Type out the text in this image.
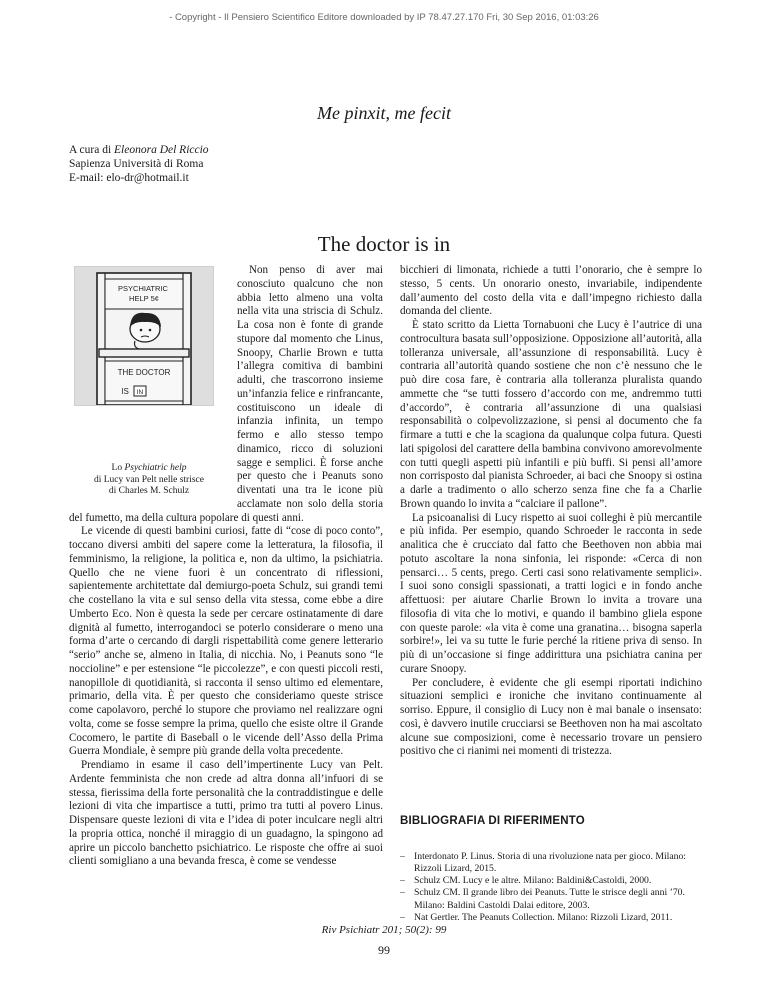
- Copyright - Il Pensiero Scientifico Editore downloaded by IP 78.47.27.170 Fri, 30 Sep 2016, 01:03:26
Me pinxit, me fecit
A cura di Eleonora Del Riccio
Sapienza Università di Roma
E-mail: elo-dr@hotmail.it
The doctor is in
PSYCHIATRIC HELP 5¢
THE DOCTOR
IS IN
Lo Psychiatric help
di Lucy van Pelt nelle strisce
di Charles M. Schulz

Non penso di aver mai conosciuto qualcuno che non abbia letto almeno una volta nella vita una striscia di Schulz. La cosa non è fonte di grande stupore dal momento che Linus, Snoopy, Charlie Brown e tutta l’allegra comitiva di bambini adulti, che trascorrono insieme un’infanzia felice e rinfrancante, costituiscono un ideale di infanzia infinita, un tempo fermo e allo stesso tempo dinamico, ricco di soluzioni sagge e semplici. È forse anche per questo che i Peanuts sono diventati una tra le icone più acclamate non solo della storia del fumetto, ma della cultura popolare di questi anni.

Le vicende di questi bambini curiosi, fatte di “cose di poco conto”, toccano diversi ambiti del sapere come la letteratura, la filosofia, il femminismo, la religione, la politica e, non da ultimo, la psichiatria. Quello che ne viene fuori è un concentrato di riflessioni, sapientemente architettate dal demiurgo-poeta Schulz, sui grandi temi che costellano la vita e sul senso della vita stessa, come ebbe a dire Umberto Eco. Non è questa la sede per cercare ostinatamente di dare dignità al fumetto, interrogandoci se poterlo considerare o meno una forma d’arte o cercando di dargli rispettabilità come genere letterario “serio” anche se, almeno in Italia, di nicchia. No, i Peanuts sono “le noccioline” e per estensione “le piccolezze”, e con questi piccoli resti, nanopillole di quotidianità, si racconta il senso ultimo ed elementare, primario, della vita. È per questo che consideriamo queste strisce come capolavoro, perché lo stupore che proviamo nel realizzare ogni volta, come se fosse sempre la prima, quello che esiste oltre il Grande Cocomero, le partite di Baseball o le vicende dell’Asso della Prima Guerra Mondiale, è sempre più grande della volta precedente.

Prendiamo in esame il caso dell’impertinente Lucy van Pelt. Ardente femminista che non crede ad altra donna all’infuori di se stessa, fierissima della forte personalità che la contraddistingue e delle lezioni di vita che impartisce a tutti, primo tra tutti al povero Linus. Dispensare queste lezioni di vita e l’idea di poter inculcare negli altri la propria ottica, nonché il miraggio di un guadagno, la spingono ad aprire un piccolo banchetto psichiatrico. Le risposte che offre ai suoi clienti somigliano a una bevanda fresca, è come se vendesse

bicchieri di limonata, richiede a tutti l’onorario, che è sempre lo stesso, 5 cents. Un onorario onesto, invariabile, indipendente dall’aumento del costo della vita e dall’impegno richiesto dalla domanda del cliente.

È stato scritto da Lietta Tornabuoni che Lucy è l’autrice di una controcultura basata sull’opposizione. Opposizione all’autorità, alla tolleranza universale, all’assunzione di responsabilità. Lucy è contraria all’autorità quando sostiene che non c’è nessuno che le può dire cosa fare, è contraria alla tolleranza pluralista quando ammette che “se tutti fossero d’accordo con me, andremmo tutti d’accordo”, è contraria all’assunzione di una qualsiasi responsabilità o colpevolizzazione, si pensi al documento che fa firmare a tutti e che la scagiona da qualunque colpa futura. Questi lati spigolosi del carattere della bambina convivono amorevolmente con tutti quegli aspetti più infantili e più buffi. Si pensi all’amore non corrisposto dal pianista Schroeder, ai baci che Snoopy si ostina a darle a tradimento o allo scherzo senza fine che fa a Charlie Brown quando lo invita a “calciare il pallone”.

La psicoanalisi di Lucy rispetto ai suoi colleghi è più mercantile e più infida. Per esempio, quando Schroeder le racconta in sede analitica che è crucciato dal fatto che Beethoven non abbia mai potuto ascoltare la nona sinfonia, lei risponde: «Cerca di non pensarci… 5 cents, prego. Certi casi sono relativamente semplici». I suoi sono consigli spassionati, a tratti logici e in fondo anche affettuosi: per aiutare Charlie Brown lo invita a trovare una filosofia di vita che lo motivi, e quando il bambino gliela espone con queste parole: «la vita è come una granatina… bisogna saperla sorbire!», lei va su tutte le furie perché la ritiene priva di senso. In più di un’occasione si finge addirittura una psichiatra canina per curare Snoopy.

Per concludere, è evidente che gli esempi riportati indichino situazioni semplici e ironiche che invitano continuamente al sorriso. Eppure, il consiglio di Lucy non è mai banale o insensato: così, è davvero inutile crucciarsi se Beethoven non ha mai ascoltato alcune sue composizioni, come è necessario trovare un pensiero positivo che ci rianimi nei momenti di tristezza.

BIBLIOGRAFIA DI RIFERIMENTO
– Interdonato P. Linus. Storia di una rivoluzione nata per gioco. Milano: Rizzoli Lizard, 2015.
– Schulz CM. Lucy e le altre. Milano: Baldini&Castoldi, 2000.
– Schulz CM. Il grande libro dei Peanuts. Tutte le strisce degli anni ’70. Milano: Baldini Castoldi Dalai editore, 2003.
– Nat Gertler. The Peanuts Collection. Milano: Rizzoli Lizard, 2011.
Riv Psichiatr 201; 50(2): 99
99
